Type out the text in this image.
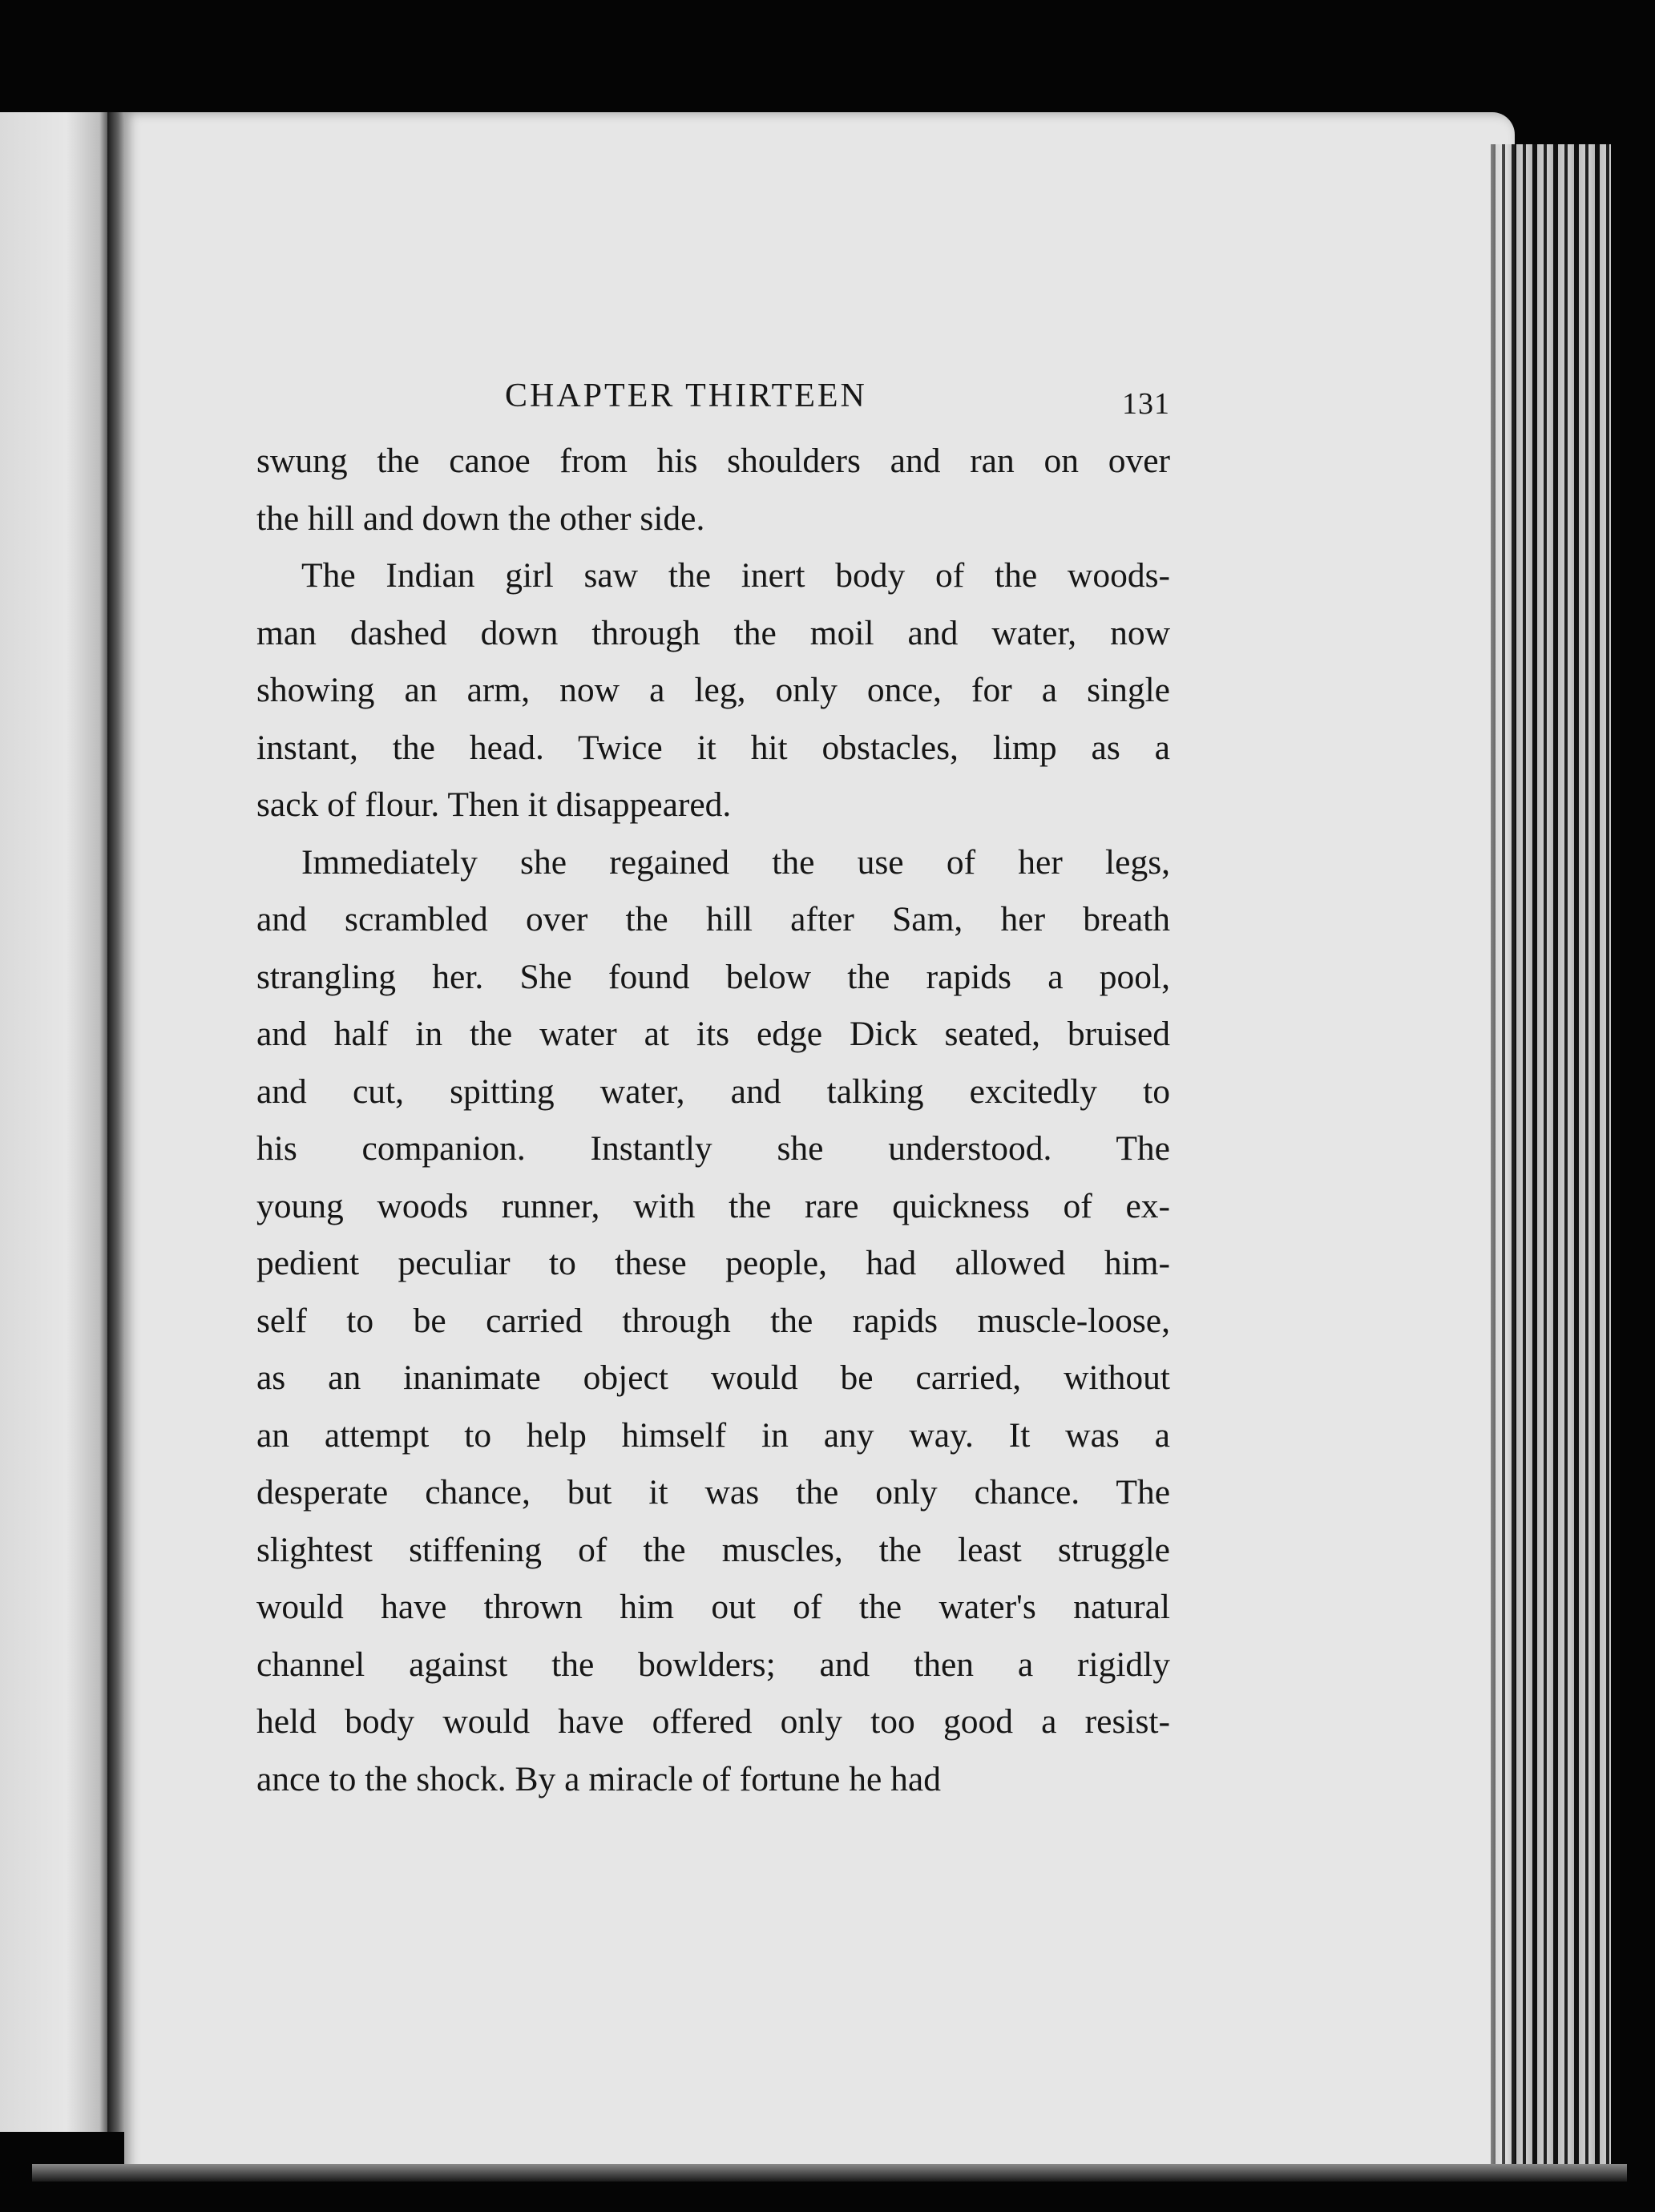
CHAPTER THIRTEEN	131

swung the canoe from his shoulders and ran on over
the hill and down the other side.

The Indian girl saw the inert body of the woods-
man dashed down through the moil and water, now
showing an arm, now a leg, only once, for a single
instant, the head. Twice it hit obstacles, limp as a
sack of flour. Then it disappeared.

Immediately she regained the use of her legs,
and scrambled over the hill after Sam, her breath
strangling her. She found below the rapids a pool,
and half in the water at its edge Dick seated, bruised
and cut, spitting water, and talking excitedly to
his companion. Instantly she understood. The
young woods runner, with the rare quickness of ex-
pedient peculiar to these people, had allowed him-
self to be carried through the rapids muscle-loose,
as an inanimate object would be carried, without
an attempt to help himself in any way. It was a
desperate chance, but it was the only chance. The
slightest stiffening of the muscles, the least struggle
would have thrown him out of the water's natural
channel against the bowlders; and then a rigidly
held body would have offered only too good a resist-
ance to the shock. By a miracle of fortune he had
